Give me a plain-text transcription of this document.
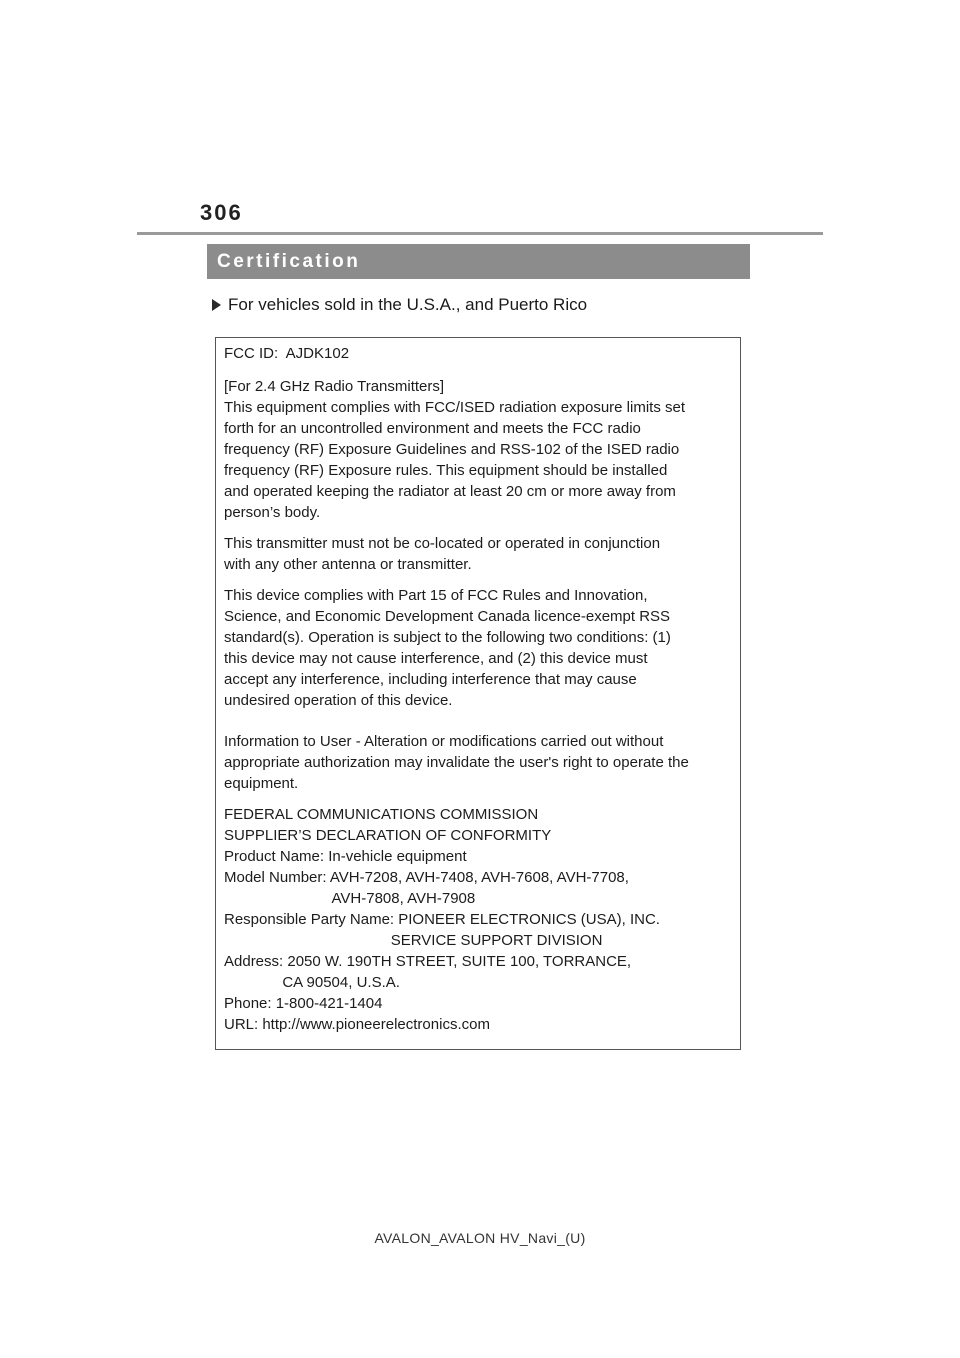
306
Certification
For vehicles sold in the U.S.A., and Puerto Rico

FCC ID:  AJDK102

[For 2.4 GHz Radio Transmitters]

This equipment complies with FCC/ISED radiation exposure limits set

forth for an uncontrolled environment and meets the FCC radio

frequency (RF) Exposure Guidelines and RSS-102 of the ISED radio

frequency (RF) Exposure rules. This equipment should be installed

and operated keeping the radiator at least 20 cm or more away from

person’s body.

This transmitter must not be co-located or operated in conjunction

with any other antenna or transmitter.

This device complies with Part 15 of FCC Rules and Innovation,

Science, and Economic Development Canada licence-exempt RSS

standard(s). Operation is subject to the following two conditions: (1)

this device may not cause interference, and (2) this device must

accept any interference, including interference that may cause

undesired operation of this device.

Information to User - Alteration or modifications carried out without

appropriate authorization may invalidate the user's right to operate the

equipment.

FEDERAL COMMUNICATIONS COMMISSION

SUPPLIER’S DECLARATION OF CONFORMITY

Product Name: In-vehicle equipment

Model Number: AVH-7208, AVH-7408, AVH-7608, AVH-7708,

AVH-7808, AVH-7908

Responsible Party Name: PIONEER ELECTRONICS (USA), INC.

SERVICE SUPPORT DIVISION

Address: 2050 W. 190TH STREET, SUITE 100, TORRANCE,

CA 90504, U.S.A.

Phone: 1-800-421-1404

URL: http://www.pioneerelectronics.com

AVALON_AVALON HV_Navi_(U)
